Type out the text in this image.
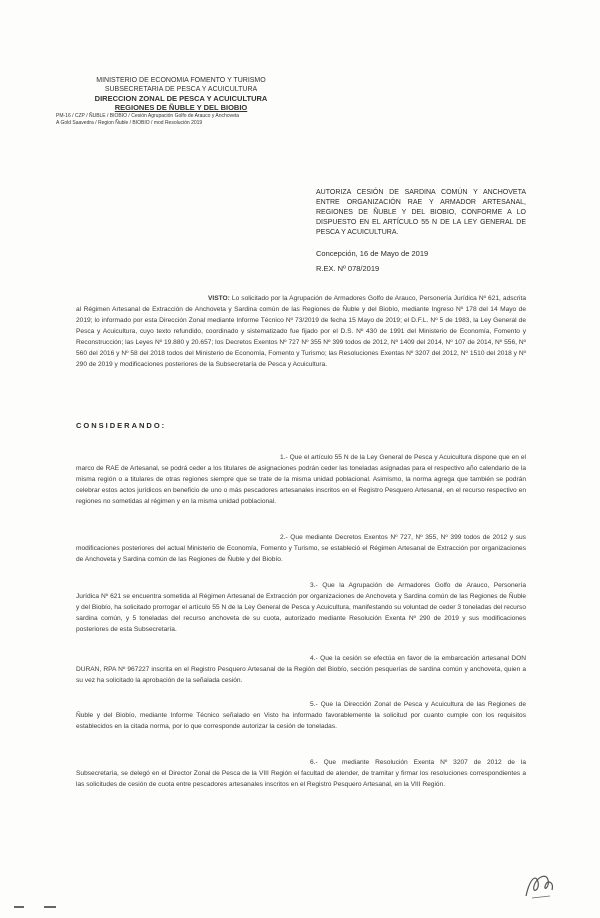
MINISTERIO DE ECONOMIA FOMENTO Y TURISMO
SUBSECRETARIA DE PESCA Y ACUICULTURA
DIRECCION ZONAL DE PESCA Y ACUICULTURA
REGIONES DE ÑUBLE Y DEL BIOBIO
PM-16 / CZP / ÑUBLE / BIOBIO / Cesión Agrupación Golfo de Arauco y Anchoveta
A Gold Saavedra / Region Ñuble / BIOBIO / mod Resolución 2019
AUTORIZA CESIÓN DE SARDINA COMÚN Y ANCHOVETA ENTRE ORGANIZACIÓN RAE Y ARMADOR ARTESANAL, REGIONES DE ÑUBLE Y DEL BIOBIO, CONFORME A LO DISPUESTO EN EL ARTÍCULO 55 N DE LA LEY GENERAL DE PESCA Y ACUICULTURA.
Concepción, 16 de Mayo de 2019
R.EX. Nº 078/2019
VISTO: Lo solicitado por la Agrupación de Armadores Golfo de Arauco, Personería Jurídica Nº 621, adscrita al Régimen Artesanal de Extracción de Anchoveta y Sardina común de las Regiones de Ñuble y del Biobío, mediante Ingreso Nº 178 del 14 Mayo de 2019; lo informado por esta Dirección Zonal mediante Informe Técnico Nº 73/2019 de fecha 15 Mayo de 2019; el D.F.L. Nº 5 de 1983, la Ley General de Pesca y Acuicultura, cuyo texto refundido, coordinado y sistematizado fue fijado por el D.S. Nº 430 de 1991 del Ministerio de Economía, Fomento y Reconstrucción; las Leyes Nº 19.880 y 20.657; los Decretos Exentos Nº 727 Nº 355 Nº 399 todos de 2012, Nº 1409 del 2014, Nº 107 de 2014, Nº 556, Nº 560 del 2016 y Nº 58 del 2018 todos del Ministerio de Economía, Fomento y Turismo; las Resoluciones Exentas Nº 3207 del 2012, Nº 1510 del 2018 y Nº 290 de 2019 y modificaciones posteriores de la Subsecretaría de Pesca y Acuicultura.
CONSIDERANDO:
1.- Que el artículo 55 N de la Ley General de Pesca y Acuicultura dispone que en el marco de RAE de Artesanal, se podrá ceder a los titulares de asignaciones podrán ceder las toneladas asignadas para el respectivo año calendario de la misma región o a titulares de otras regiones siempre que se trate de la misma unidad poblacional. Asimismo, la norma agrega que también se podrán celebrar estos actos jurídicos en beneficio de uno o más pescadores artesanales inscritos en el Registro Pesquero Artesanal, en el recurso respectivo en regiones no sometidas al régimen y en la misma unidad poblacional.
2.- Que mediante Decretos Exentos Nº 727, Nº 355, Nº 399 todos de 2012 y sus modificaciones posteriores del actual Ministerio de Economía, Fomento y Turismo, se estableció el Régimen Artesanal de Extracción por organizaciones de Anchoveta y Sardina común de las Regiones de Ñuble y del Biobío.
3.- Que la Agrupación de Armadores Golfo de Arauco, Personería Jurídica Nº 621 se encuentra sometida al Régimen Artesanal de Extracción por organizaciones de Anchoveta y Sardina común de las Regiones de Ñuble y del Biobío, ha solicitado prorrogar el artículo 55 N de la Ley General de Pesca y Acuicultura, manifestando su voluntad de ceder 3 toneladas del recurso sardina común, y 5 toneladas del recurso anchoveta de su cuota, autorizado mediante Resolución Exenta Nº 290 de 2019 y sus modificaciones posteriores de esta Subsecretaría.
4.- Que la cesión se efectúa en favor de la embarcación artesanal DON DURAN, RPA Nº 967227 inscrita en el Registro Pesquero Artesanal de la Región del Biobío, sección pesquerías de sardina común y anchoveta, quien a su vez ha solicitado la aprobación de la señalada cesión.
5.- Que la Dirección Zonal de Pesca y Acuicultura de las Regiones de Ñuble y del Biobío, mediante Informe Técnico señalado en Visto ha informado favorablemente la solicitud por cuanto cumple con los requisitos establecidos en la citada norma, por lo que corresponde autorizar la cesión de toneladas.
6.- Que mediante Resolución Exenta Nº 3207 de 2012 de la Subsecretaría, se delegó en el Director Zonal de Pesca de la VIII Región el facultad de atender, de tramitar y firmar los resoluciones correspondientes a las solicitudes de cesión de cuota entre pescadores artesanales inscritos en el Registro Pesquero Artesanal, en la VIII Región.
